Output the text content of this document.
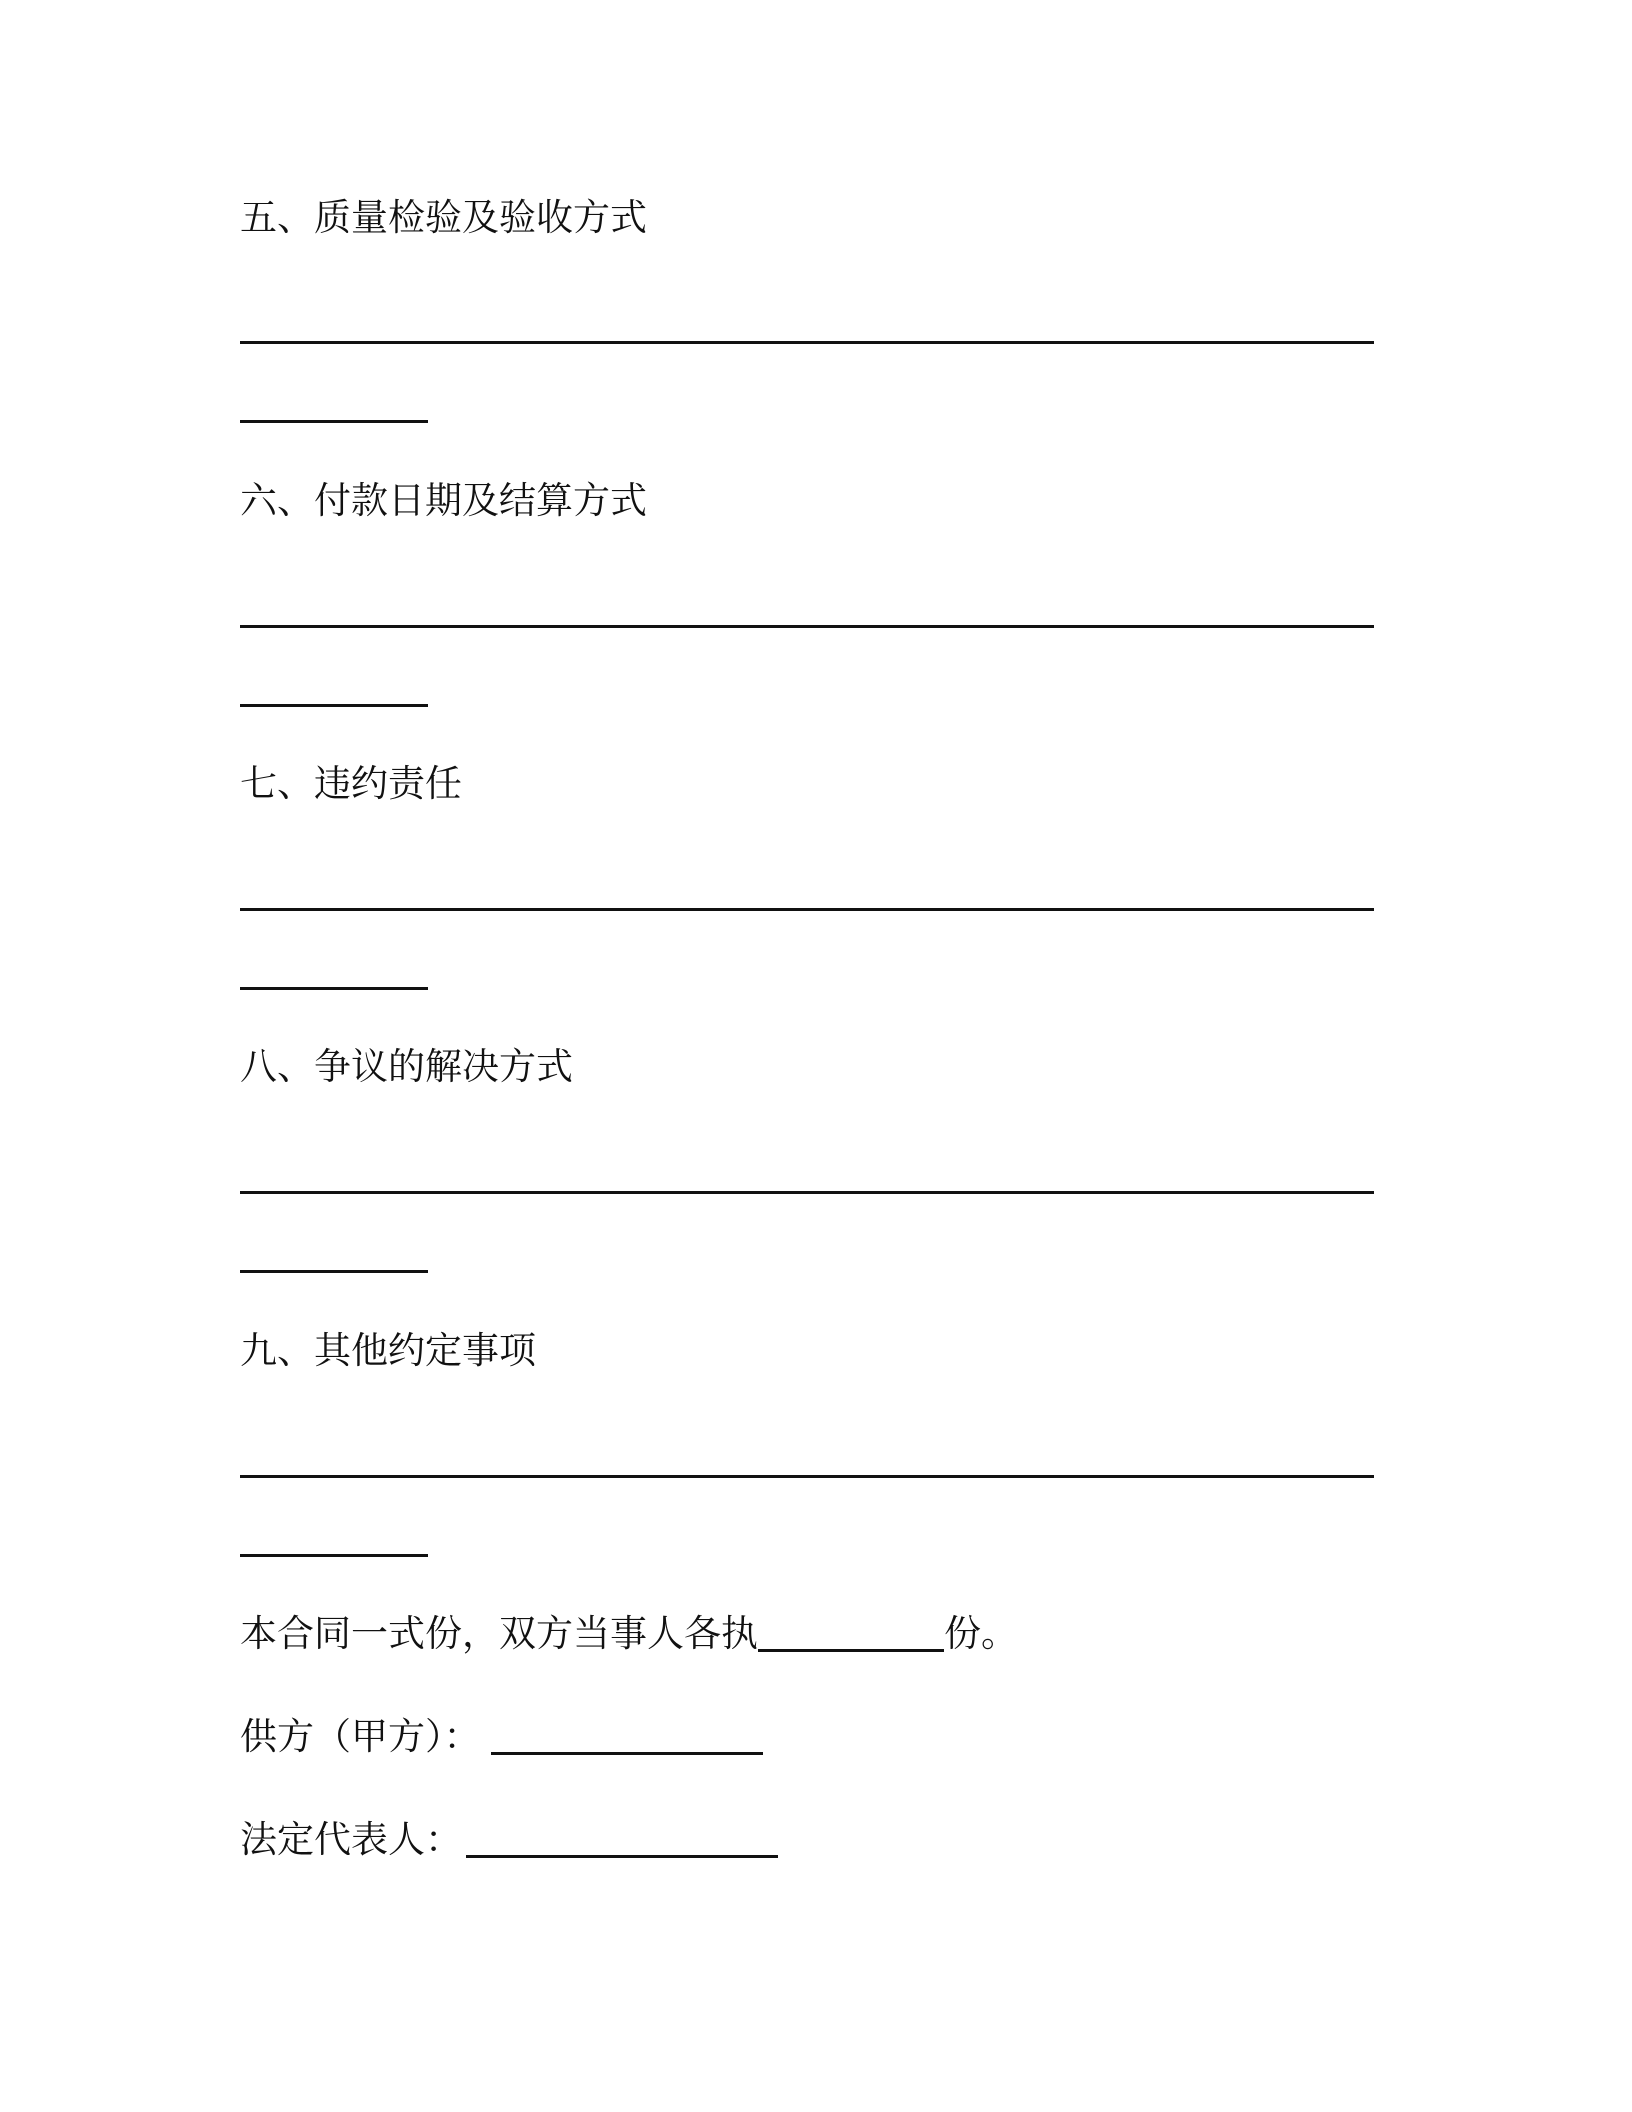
五、质量检验及验收方式
六、付款日期及结算方式
七、违约责任
八、争议的解决方式
九、其他约定事项
本合同一式份，双方当事人各执	份。
供方（甲方）：
法定代表人：
